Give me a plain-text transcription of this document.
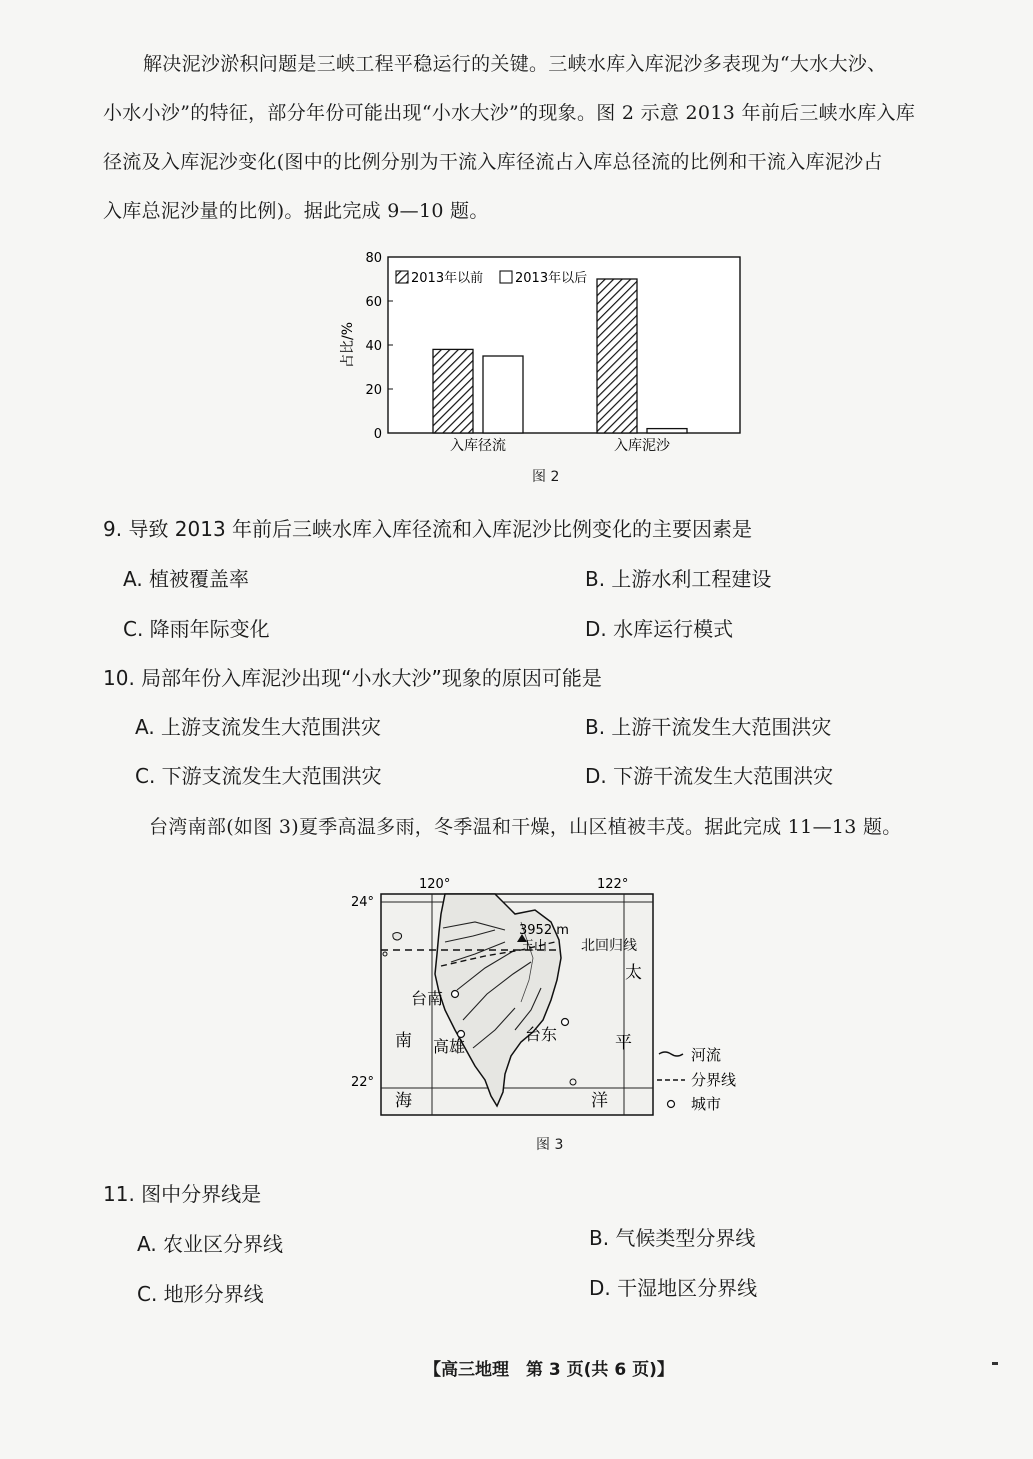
解决泥沙淤积问题是三峡工程平稳运行的关键。三峡水库入库泥沙多表现为“大水大沙、
小水小沙”的特征，部分年份可能出现“小水大沙”的现象。图 2 示意 2013 年前后三峡水库入库
径流及入库泥沙变化(图中的比例分别为干流入库径流占入库总径流的比例和干流入库泥沙占
入库总泥沙量的比例)。据此完成 9—10 题。
0
20
40
60
80
占比/%
入库径流	入库泥沙
2013年以前 2013年以后
图 2
9. 导致 2013 年前后三峡水库入库径流和入库泥沙比例变化的主要因素是
A. 植被覆盖率	B. 上游水利工程建设
C. 降雨年际变化	D. 水库运行模式
10. 局部年份入库泥沙出现“小水大沙”现象的原因可能是
A. 上游支流发生大范围洪灾	B. 上游干流发生大范围洪灾
C. 下游支流发生大范围洪灾	D. 下游干流发生大范围洪灾
台湾南部(如图 3)夏季高温多雨，冬季温和干燥，山区植被丰茂。据此完成 11—13 题。
120°	122°
24°
22°
3952 m
玉山 北回归线
台南
高雄
台东
南
海
太
平
洋
河流
分界线
城市
图 3
11. 图中分界线是
A. 农业区分界线	B. 气候类型分界线
C. 地形分界线	D. 干湿地区分界线
【高三地理　第 3 页(共 6 页)】
